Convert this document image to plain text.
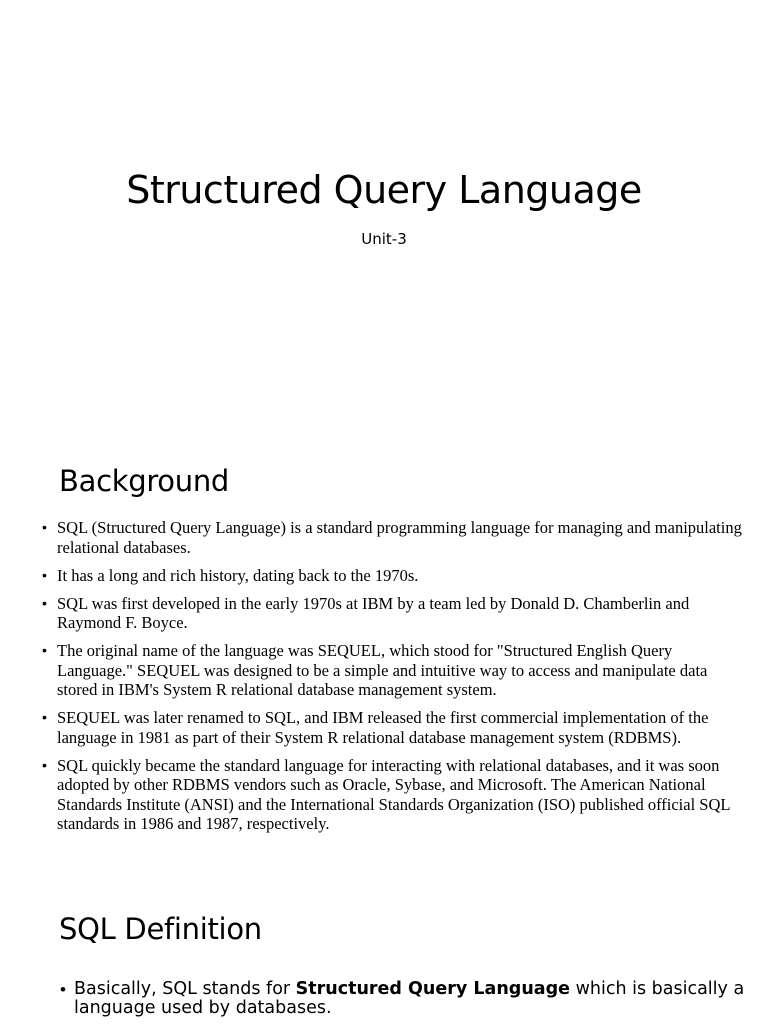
Structured Query Language

Unit-3

Background
• SQL (Structured Query Language) is a standard programming language for managing and manipulating relational databases.
• It has a long and rich history, dating back to the 1970s.
• SQL was first developed in the early 1970s at IBM by a team led by Donald D. Chamberlin and Raymond F. Boyce.
• The original name of the language was SEQUEL, which stood for "Structured English Query Language." SEQUEL was designed to be a simple and intuitive way to access and manipulate data stored in IBM's System R relational database management system.
• SEQUEL was later renamed to SQL, and IBM released the first commercial implementation of the language in 1981 as part of their System R relational database management system (RDBMS).
• SQL quickly became the standard language for interacting with relational databases, and it was soon adopted by other RDBMS vendors such as Oracle, Sybase, and Microsoft. The American National Standards Institute (ANSI) and the International Standards Organization (ISO) published official SQL standards in 1986 and 1987, respectively.
SQL Definition
• Basically, SQL stands for Structured Query Language which is basically a language used by databases.
